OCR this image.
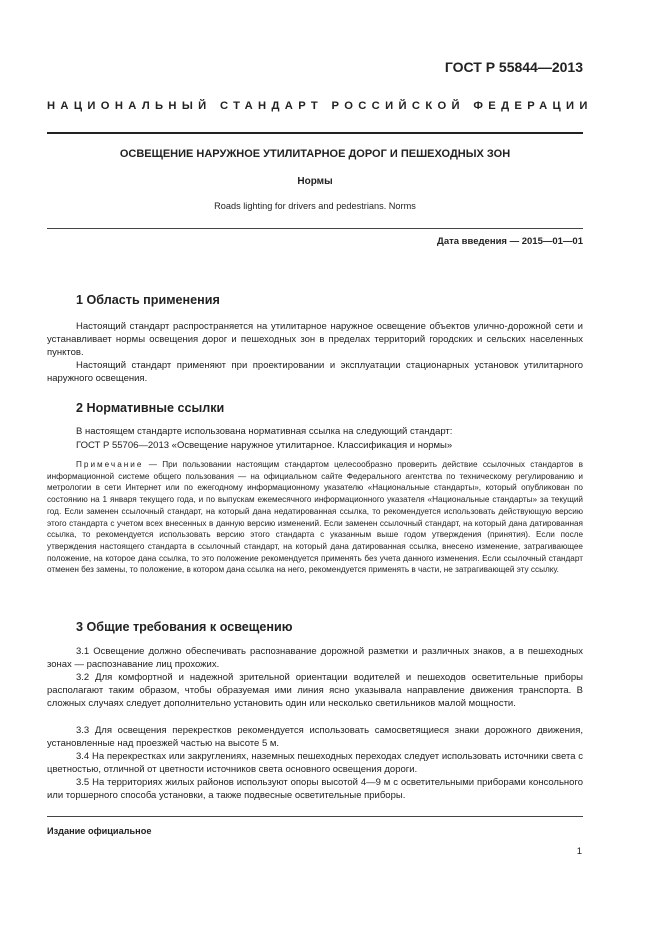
ГОСТ Р 55844—2013
НАЦИОНАЛЬНЫЙ СТАНДАРТ РОССИЙСКОЙ ФЕДЕРАЦИИ
ОСВЕЩЕНИЕ НАРУЖНОЕ УТИЛИТАРНОЕ ДОРОГ И ПЕШЕХОДНЫХ ЗОН
Нормы
Roads lighting for drivers and pedestrians. Norms
Дата введения — 2015—01—01
1 Область применения

Настоящий стандарт распространяется на утилитарное наружное освещение объектов улично-дорожной сети и устанавливает нормы освещения дорог и пешеходных зон в пределах территорий городских и сельских населенных пунктов.

Настоящий стандарт применяют при проектировании и эксплуатации стационарных установок утилитарного наружного освещения.

2 Нормативные ссылки

В настоящем стандарте использована нормативная ссылка на следующий стандарт:

ГОСТ Р 55706—2013 «Освещение наружное утилитарное. Классификация и нормы»

Примечание — При пользовании настоящим стандартом целесообразно проверить действие ссылочных стандартов в информационной системе общего пользования — на официальном сайте Федерального агентства по техническому регулированию и метрологии в сети Интернет или по ежегодному информационному указателю «Национальные стандарты», который опубликован по состоянию на 1 января текущего года, и по выпускам ежемесячного информационного указателя «Национальные стандарты» за текущий год. Если заменен ссылочный стандарт, на который дана недатированная ссылка, то рекомендуется использовать действующую версию этого стандарта с учетом всех внесенных в данную версию изменений. Если заменен ссылочный стандарт, на который дана датированная ссылка, то рекомендуется использовать версию этого стандарта с указанным выше годом утверждения (принятия). Если после утверждения настоящего стандарта в ссылочный стандарт, на который дана датированная ссылка, внесено изменение, затрагивающее положение, на которое дана ссылка, то это положение рекомендуется применять без учета данного изменения. Если ссылочный стандарт отменен без замены, то положение, в котором дана ссылка на него, рекомендуется применять в части, не затрагивающей эту ссылку.

3 Общие требования к освещению

3.1 Освещение должно обеспечивать распознавание дорожной разметки и различных знаков, а в пешеходных зонах — распознавание лиц прохожих.

3.2 Для комфортной и надежной зрительной ориентации водителей и пешеходов осветительные приборы располагают таким образом, чтобы образуемая ими линия ясно указывала направление движения транспорта. В сложных случаях следует дополнительно установить один или несколько светильников малой мощности.

3.3 Для освещения перекрестков рекомендуется использовать самосветящиеся знаки дорожного движения, установленные над проезжей частью на высоте 5 м.

3.4 На перекрестках или закруглениях, наземных пешеходных переходах следует использовать источники света с цветностью, отличной от цветности источников света основного освещения дороги.

3.5 На территориях жилых районов используют опоры высотой 4—9 м с осветительными приборами консольного или торшерного способа установки, а также подвесные осветительные приборы.

Издание официальное
1
